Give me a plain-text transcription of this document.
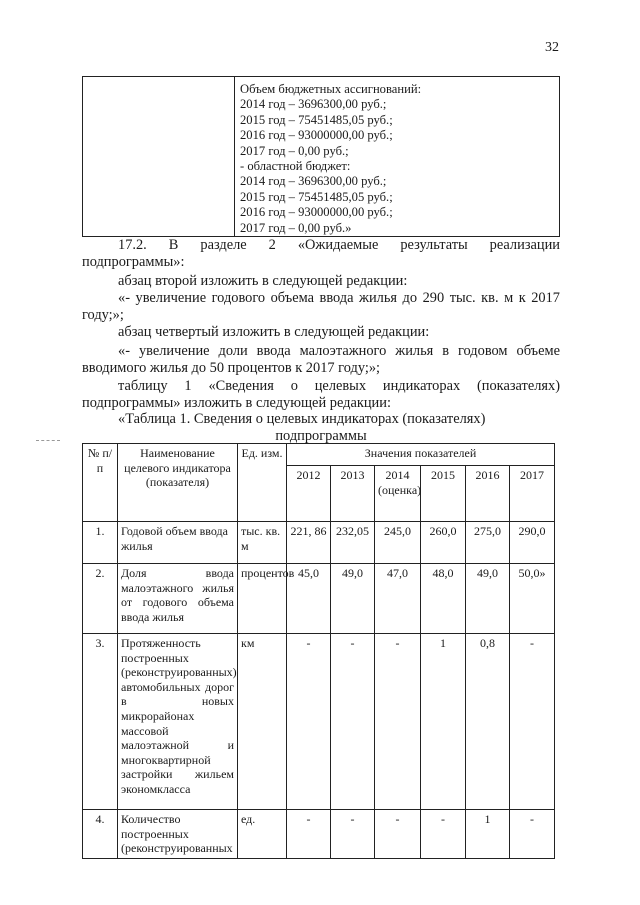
32

Объем бюджетных ассигнований:
2014 год – 3696300,00 руб.;
2015 год – 75451485,05 руб.;
2016 год – 93000000,00 руб.;
2017 год – 0,00 руб.;
- областной бюджет:
2014 год – 3696300,00 руб.;
2015 год – 75451485,05 руб.;
2016 год – 93000000,00 руб.;
2017 год – 0,00 руб.»

17.2. В разделе 2 «Ожидаемые результаты реализации

подпрограммы»:

абзац второй изложить в следующей редакции:

«- увеличение годового объема ввода жилья до 290 тыс. кв. м к 2017

году;»;

абзац четвертый изложить в следующей редакции:

«- увеличение доли ввода малоэтажного жилья в годовом объеме

вводимого жилья до 50 процентов к 2017 году;»;

таблицу 1 «Сведения о целевых индикаторах (показателях)

подпрограммы» изложить в следующей редакции:

«Таблица 1. Сведения о целевых индикаторах (показателях)

подпрограммы

№ п/п	Наименование целевого индикатора (показателя)	Ед. изм.	Значения показателей					
			2012	2013	2014 (оценка)	2015	2016	2017
1.	Годовой объем ввода жилья	тыс. кв. м	221, 86	232,05	245,0	260,0	275,0	290,0
2.	Доля ввода малоэтажного жилья от годового объема ввода жилья	процентов	45,0	49,0	47,0	48,0	49,0	50,0»
3.	Протяженность построенных (реконструированных) автомобильных дорог в новых микрорайонах массовой малоэтажной и многоквартирной застройки жильем экономкласса	км	-	-	-	1	0,8	-
4.	Количество построенных (реконструированных	ед.	-	-	-	-	1	-
